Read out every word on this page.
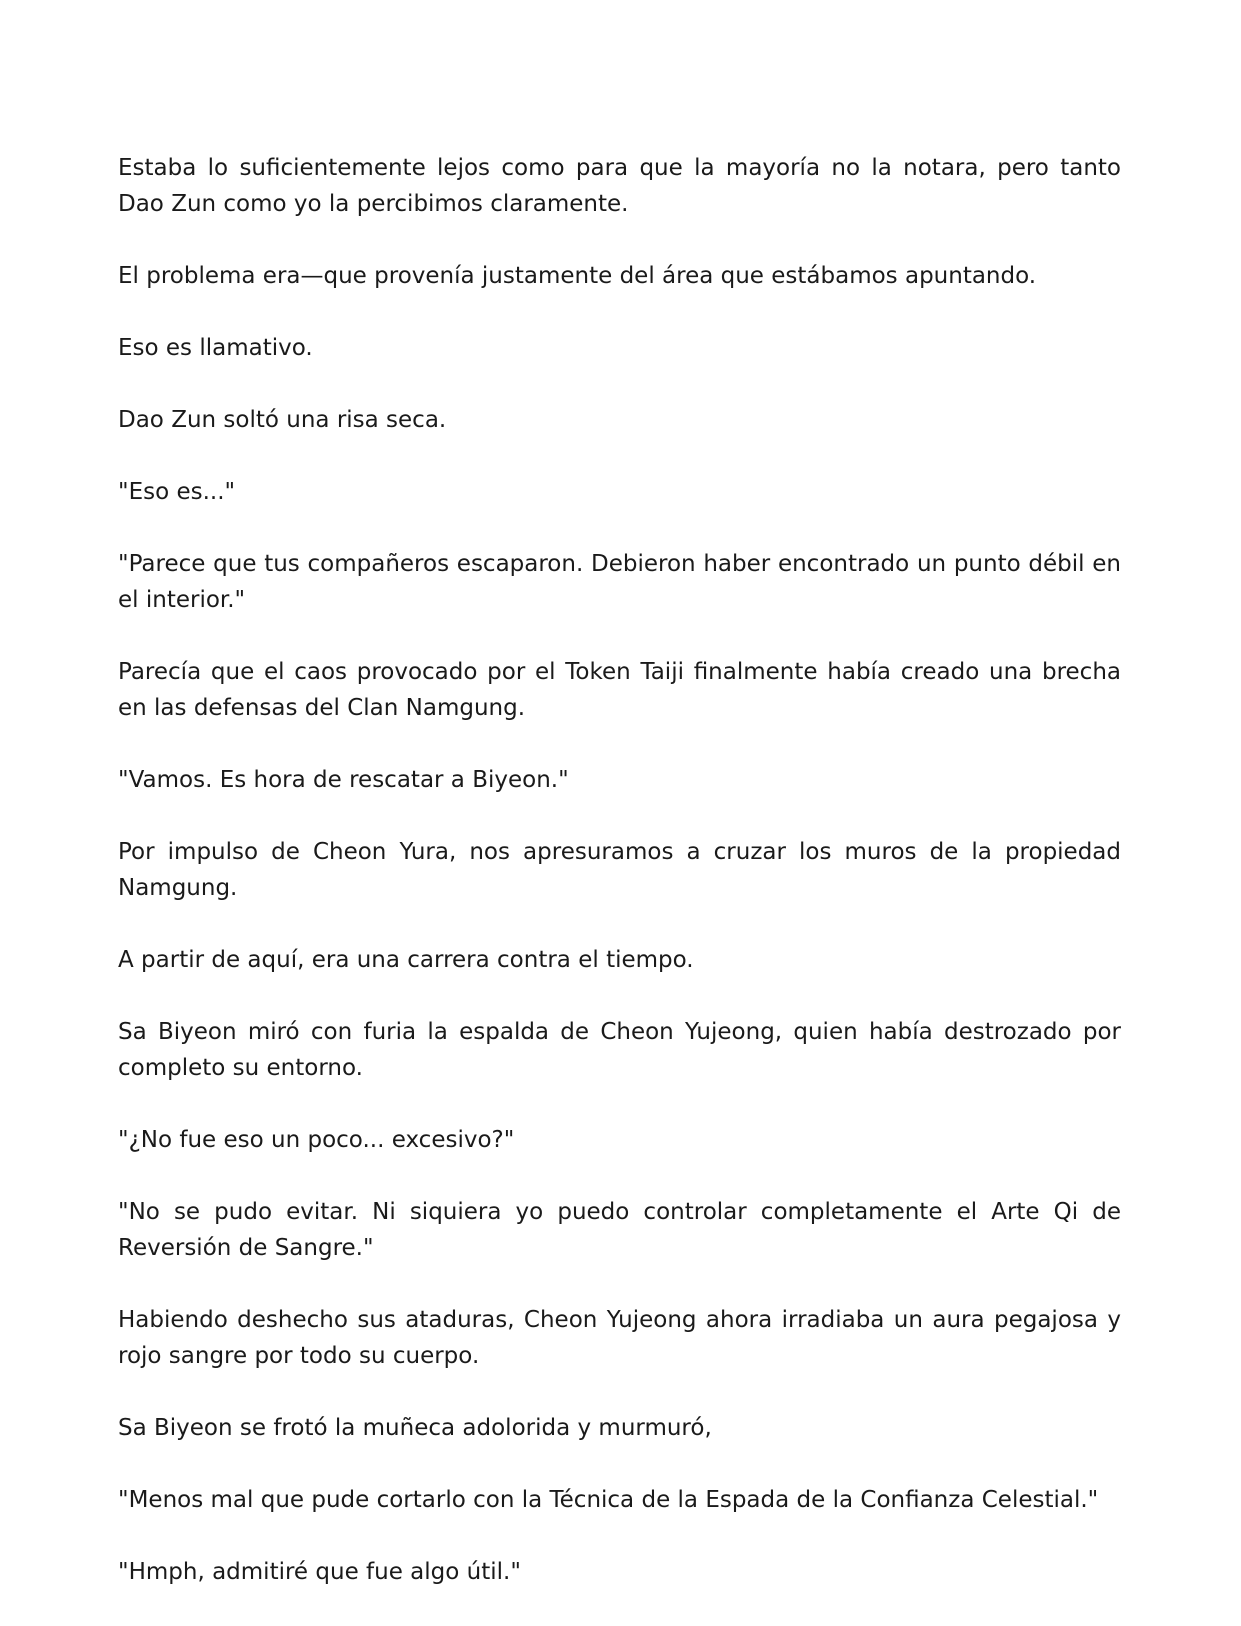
Estaba lo suficientemente lejos como para que la mayoría no la notara, pero tanto Dao Zun como yo la percibimos claramente.

El problema era—que provenía justamente del área que estábamos apuntando.

Eso es llamativo.

Dao Zun soltó una risa seca.

"Eso es..."

"Parece que tus compañeros escaparon. Debieron haber encontrado un punto débil en el interior."

Parecía que el caos provocado por el Token Taiji finalmente había creado una brecha en las defensas del Clan Namgung.

"Vamos. Es hora de rescatar a Biyeon."

Por impulso de Cheon Yura, nos apresuramos a cruzar los muros de la propiedad Namgung.

A partir de aquí, era una carrera contra el tiempo.

Sa Biyeon miró con furia la espalda de Cheon Yujeong, quien había destrozado por completo su entorno.

"¿No fue eso un poco... excesivo?"

"No se pudo evitar. Ni siquiera yo puedo controlar completamente el Arte Qi de Reversión de Sangre."

Habiendo deshecho sus ataduras, Cheon Yujeong ahora irradiaba un aura pegajosa y rojo sangre por todo su cuerpo.

Sa Biyeon se frotó la muñeca adolorida y murmuró,

"Menos mal que pude cortarlo con la Técnica de la Espada de la Confianza Celestial."

"Hmph, admitiré que fue algo útil."
